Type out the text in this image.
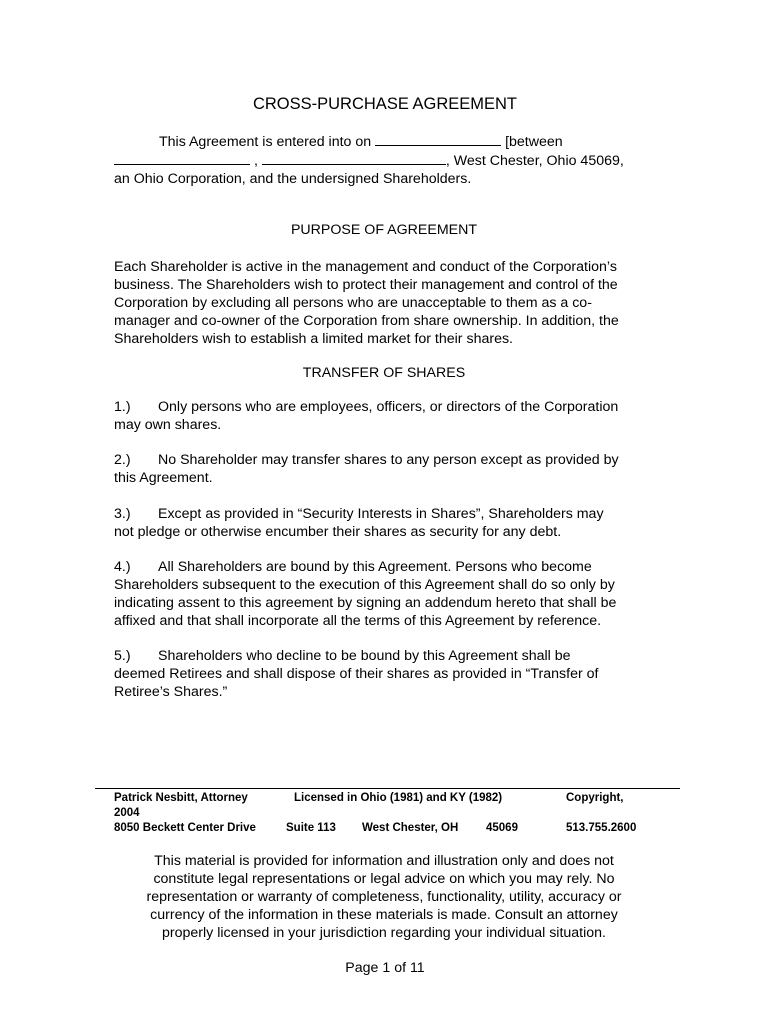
CROSS-PURCHASE AGREEMENT
This Agreement is entered into on	[between
,	, West Chester, Ohio 45069,
an Ohio Corporation, and the undersigned Shareholders.
PURPOSE OF AGREEMENT
Each Shareholder is active in the management and conduct of the Corporation’s
business. The Shareholders wish to protect their management and control of the
Corporation by excluding all persons who are unacceptable to them as a co-
manager and co-owner of the Corporation from share ownership. In addition, the
Shareholders wish to establish a limited market for their shares.
TRANSFER OF SHARES
1.) Only persons who are employees, officers, or directors of the Corporation
may own shares.
2.) No Shareholder may transfer shares to any person except as provided by
this Agreement.
3.) Except as provided in “Security Interests in Shares”, Shareholders may
not pledge or otherwise encumber their shares as security for any debt.
4.) All Shareholders are bound by this Agreement. Persons who become
Shareholders subsequent to the execution of this Agreement shall do so only by
indicating assent to this agreement by signing an addendum hereto that shall be
affixed and that shall incorporate all the terms of this Agreement by reference.
5.) Shareholders who decline to be bound by this Agreement shall be
deemed Retirees and shall dispose of their shares as provided in “Transfer of
Retiree’s Shares.”
Patrick Nesbitt, Attorney	Licensed in Ohio (1981) and KY (1982)	Copyright,
2004
8050 Beckett Center Drive	Suite 113 West Chester, OH 45069	513.755.2600
This material is provided for information and illustration only and does not
constitute legal representations or legal advice on which you may rely. No
representation or warranty of completeness, functionality, utility, accuracy or
currency of the information in these materials is made. Consult an attorney
properly licensed in your jurisdiction regarding your individual situation.
Page 1 of 11
